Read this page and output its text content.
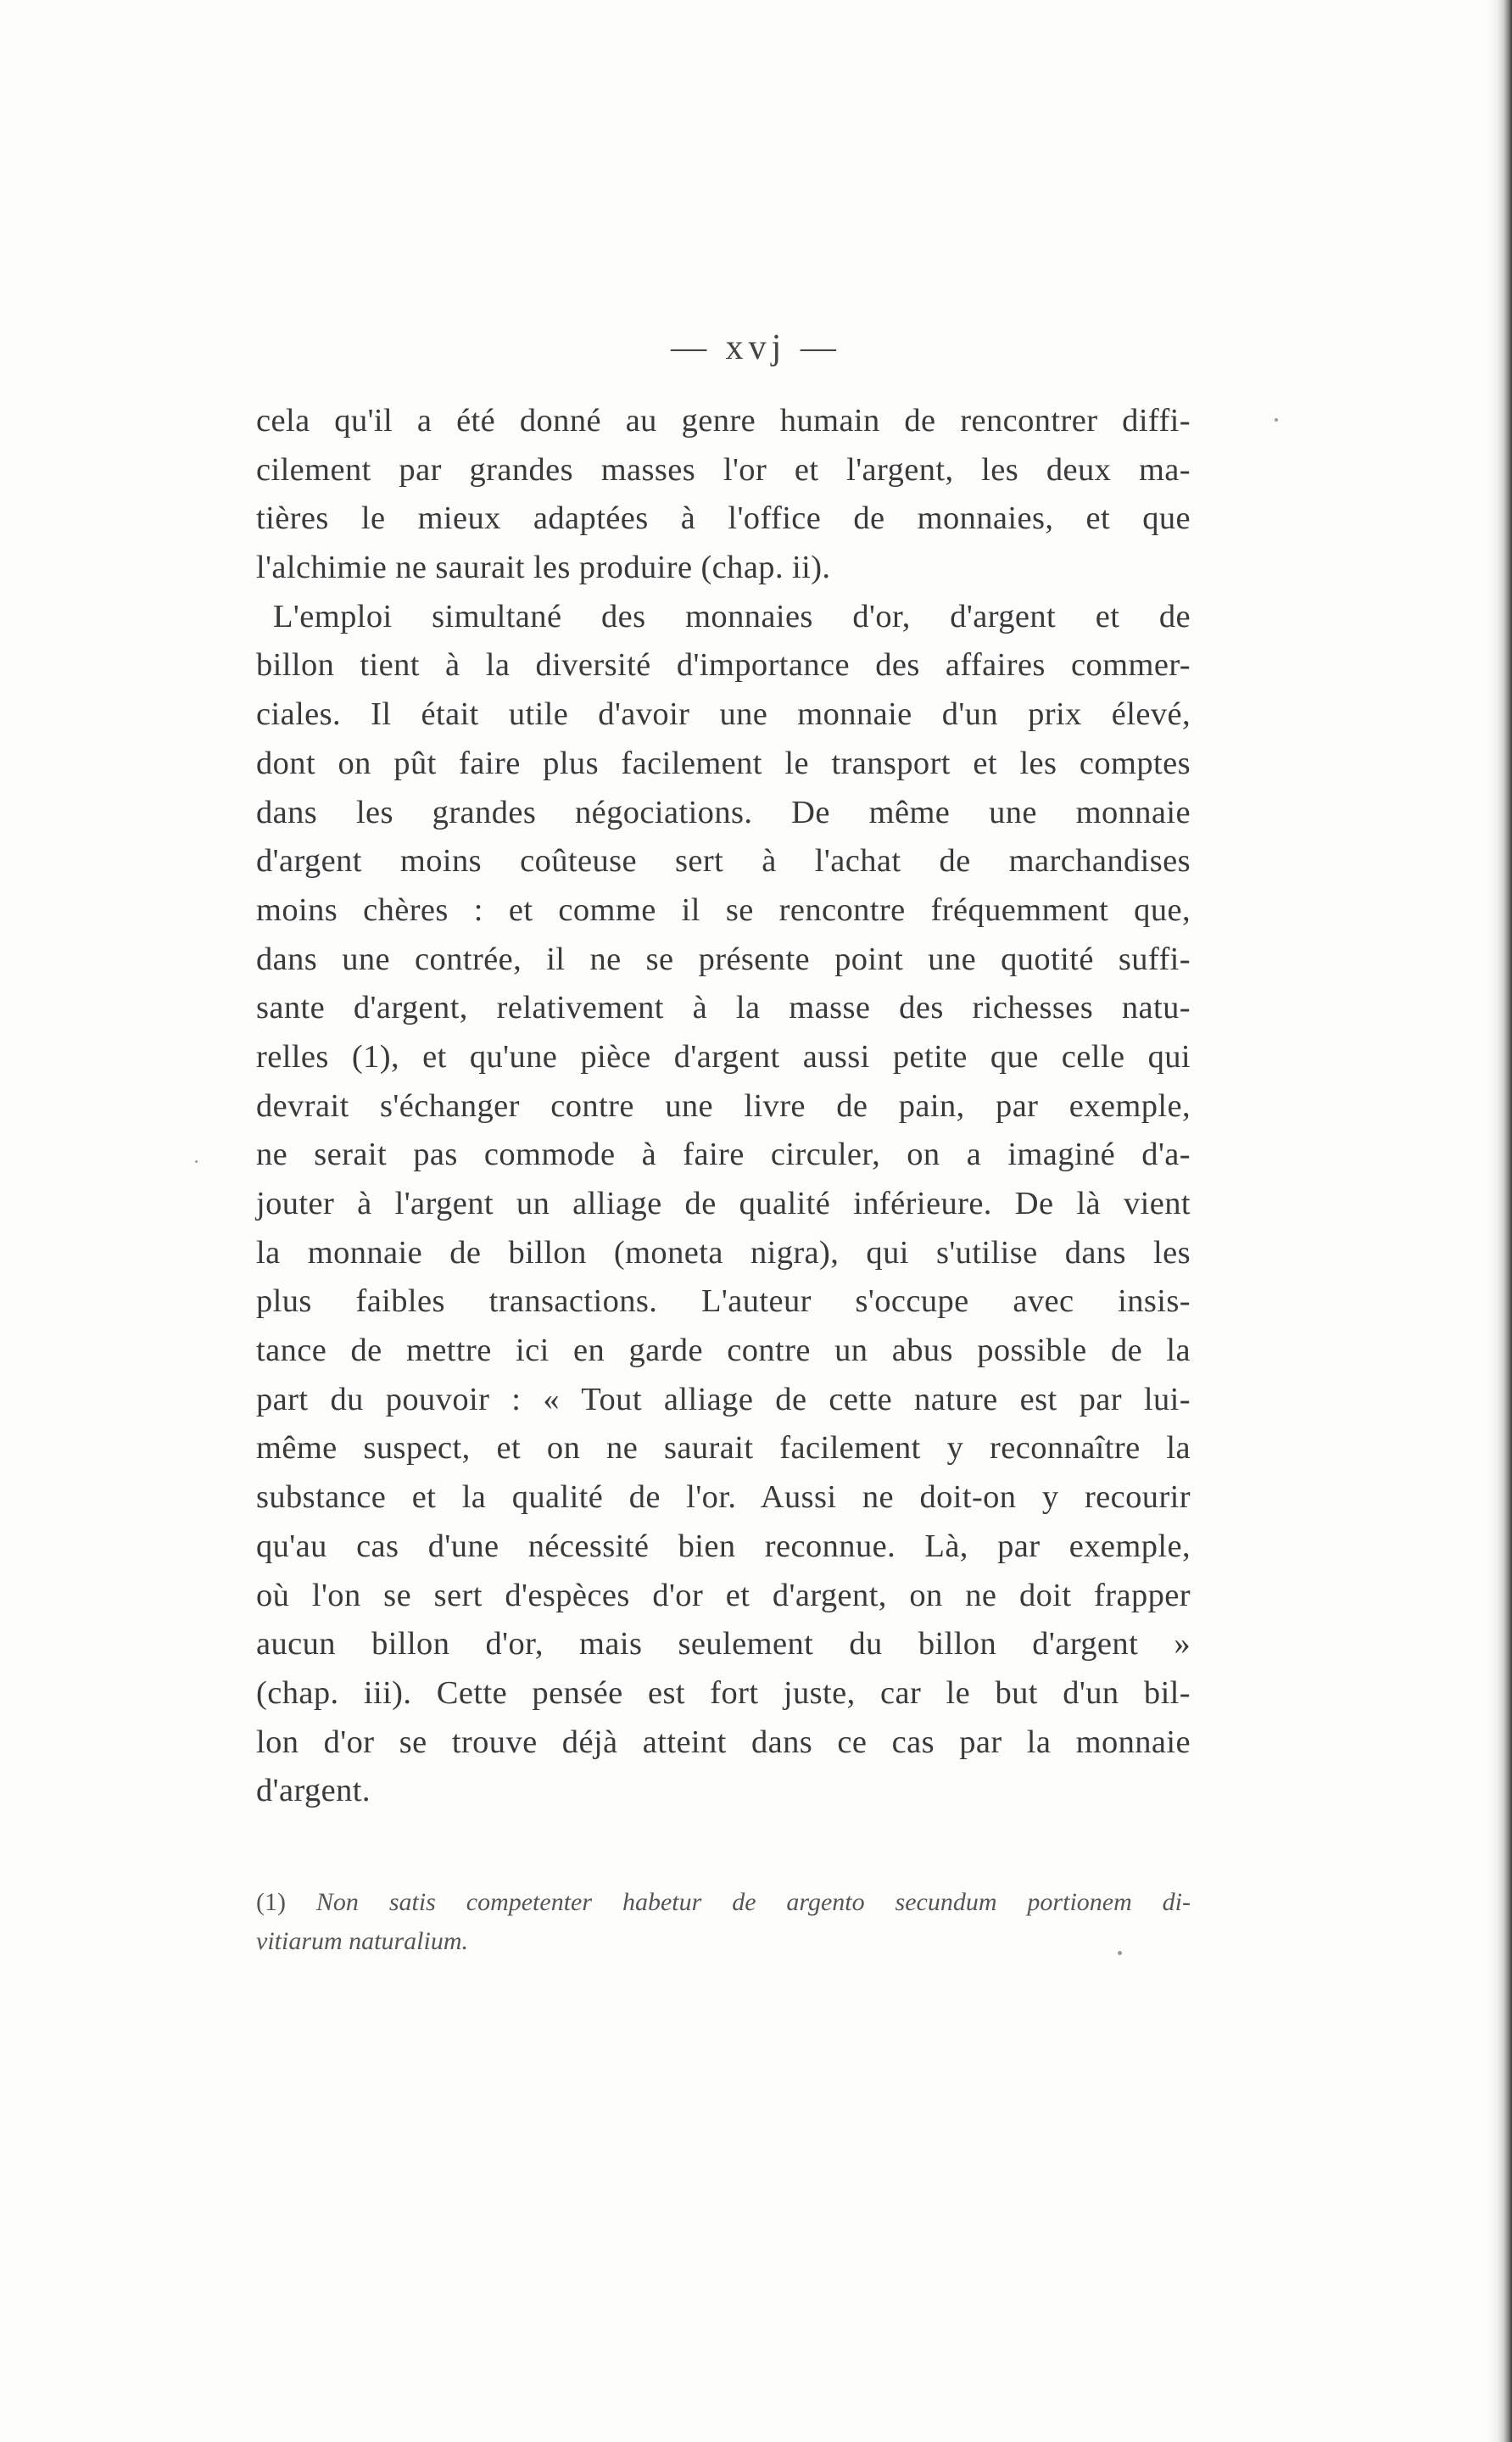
— xvj —
cela qu'il a été donné au genre humain de rencontrer diffi-
cilement par grandes masses l'or et l'argent, les deux ma-
tières le mieux adaptées à l'office de monnaies, et que
l'alchimie ne saurait les produire (chap. ii).
L'emploi simultané des monnaies d'or, d'argent et de
billon tient à la diversité d'importance des affaires commer-
ciales. Il était utile d'avoir une monnaie d'un prix élevé,
dont on pût faire plus facilement le transport et les comptes
dans les grandes négociations. De même une monnaie
d'argent moins coûteuse sert à l'achat de marchandises
moins chères : et comme il se rencontre fréquemment que,
dans une contrée, il ne se présente point une quotité suffi-
sante d'argent, relativement à la masse des richesses natu-
relles (1), et qu'une pièce d'argent aussi petite que celle qui
devrait s'échanger contre une livre de pain, par exemple,
ne serait pas commode à faire circuler, on a imaginé d'a-
jouter à l'argent un alliage de qualité inférieure. De là vient
la monnaie de billon (moneta nigra), qui s'utilise dans les
plus faibles transactions. L'auteur s'occupe avec insis-
tance de mettre ici en garde contre un abus possible de la
part du pouvoir : « Tout alliage de cette nature est par lui-
même suspect, et on ne saurait facilement y reconnaître la
substance et la qualité de l'or. Aussi ne doit-on y recourir
qu'au cas d'une nécessité bien reconnue. Là, par exemple,
où l'on se sert d'espèces d'or et d'argent, on ne doit frapper
aucun billon d'or, mais seulement du billon d'argent »
(chap. iii). Cette pensée est fort juste, car le but d'un bil-
lon d'or se trouve déjà atteint dans ce cas par la monnaie
d'argent.
(1) Non satis competenter habetur de argento secundum portionem di-
vitiarum naturalium.
